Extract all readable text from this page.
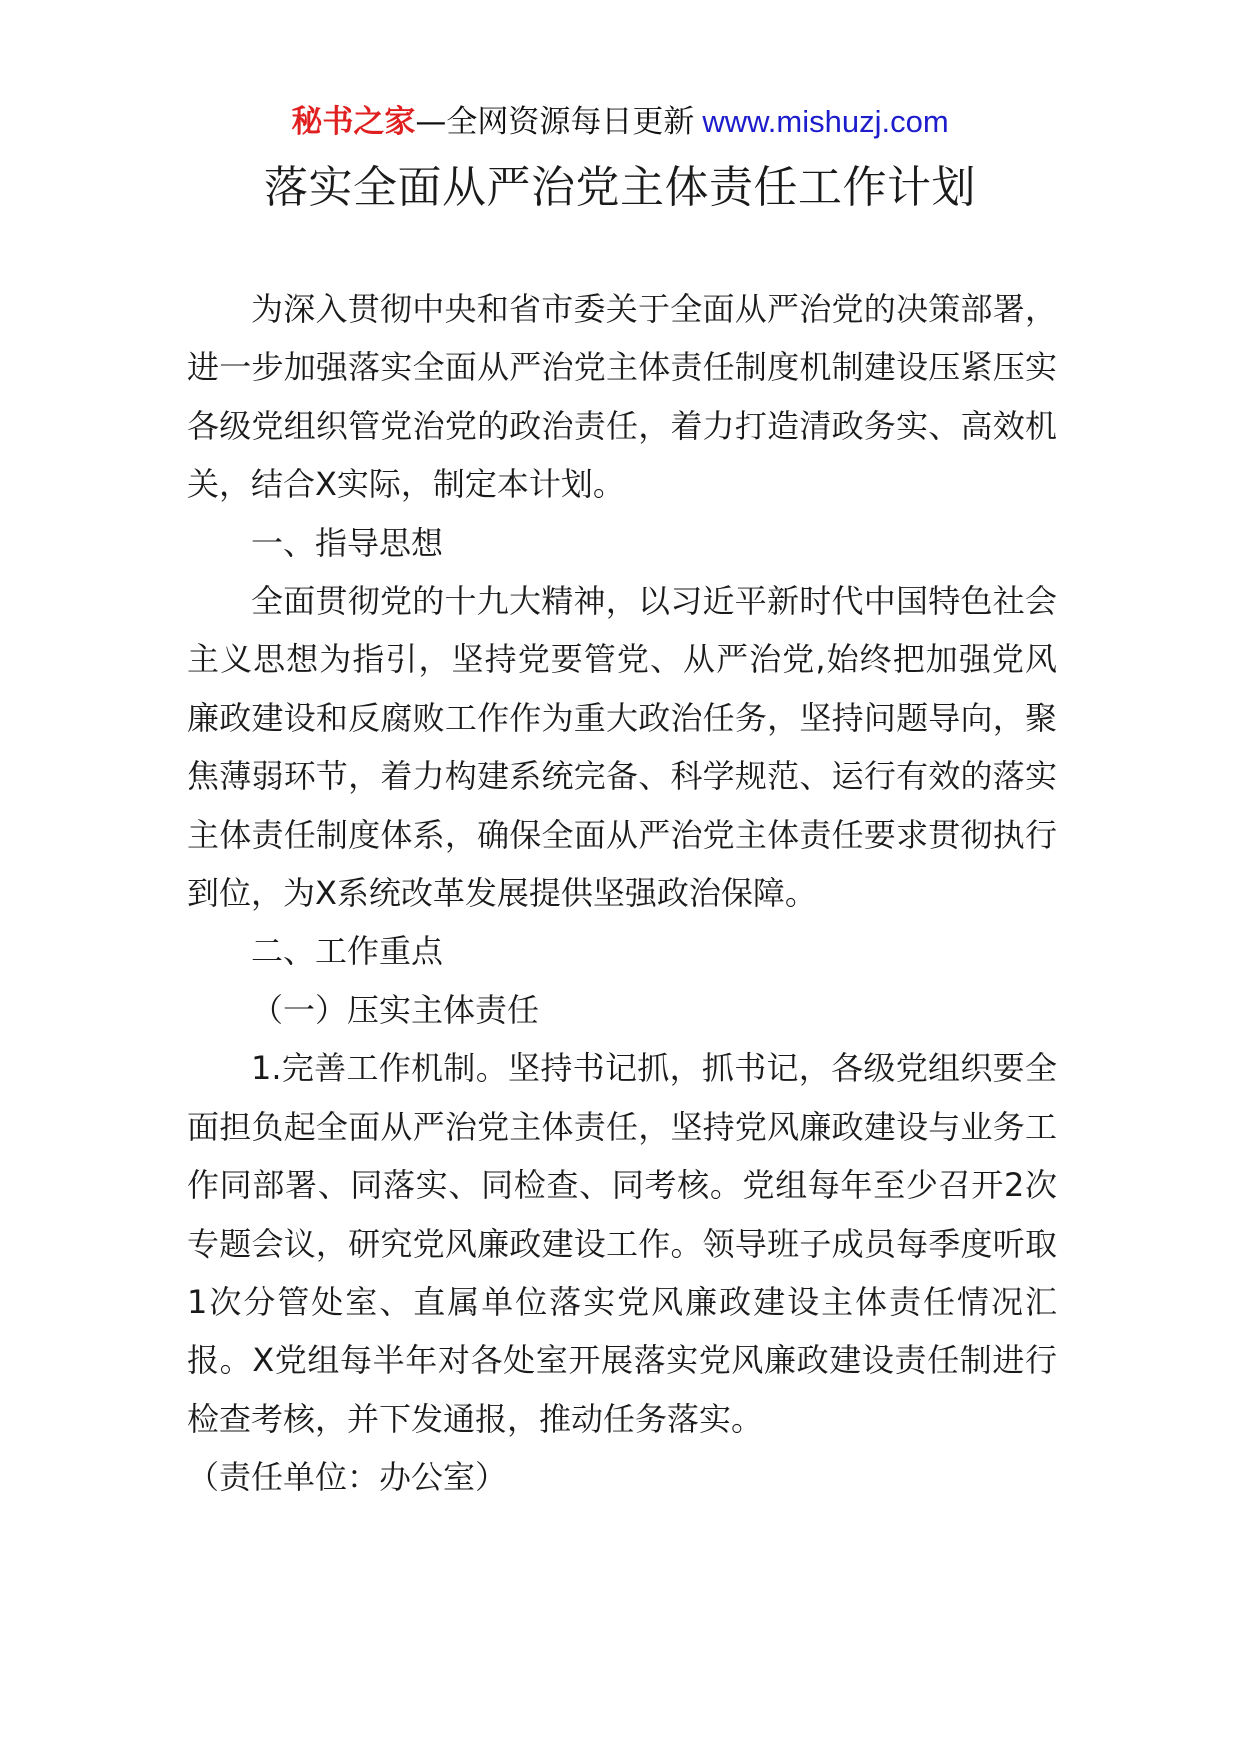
秘书之家—全网资源每日更新 www.mishuzj.com
落实全面从严治党主体责任工作计划

为深入贯彻中央和省市委关于全面从严治党的决策部署，进一步加强落实全面从严治党主体责任制度机制建设压紧压实各级党组织管党治党的政治责任，着力打造清政务实、高效机关，结合X实际，制定本计划。

一、指导思想

全面贯彻党的十九大精神，以习近平新时代中国特色社会主义思想为指引，坚持党要管党、从严治党,始终把加强党风廉政建设和反腐败工作作为重大政治任务，坚持问题导向，聚焦薄弱环节，着力构建系统完备、科学规范、运行有效的落实主体责任制度体系，确保全面从严治党主体责任要求贯彻执行到位，为X系统改革发展提供坚强政治保障。

二、工作重点

（一）压实主体责任

1.完善工作机制。坚持书记抓，抓书记，各级党组织要全面担负起全面从严治党主体责任，坚持党风廉政建设与业务工作同部署、同落实、同检查、同考核。党组每年至少召开2次专题会议，研究党风廉政建设工作。领导班子成员每季度听取1次分管处室、直属单位落实党风廉政建设主体责任情况汇报。X党组每半年对各处室开展落实党风廉政建设责任制进行检查考核，并下发通报，推动任务落实。

（责任单位：办公室）
